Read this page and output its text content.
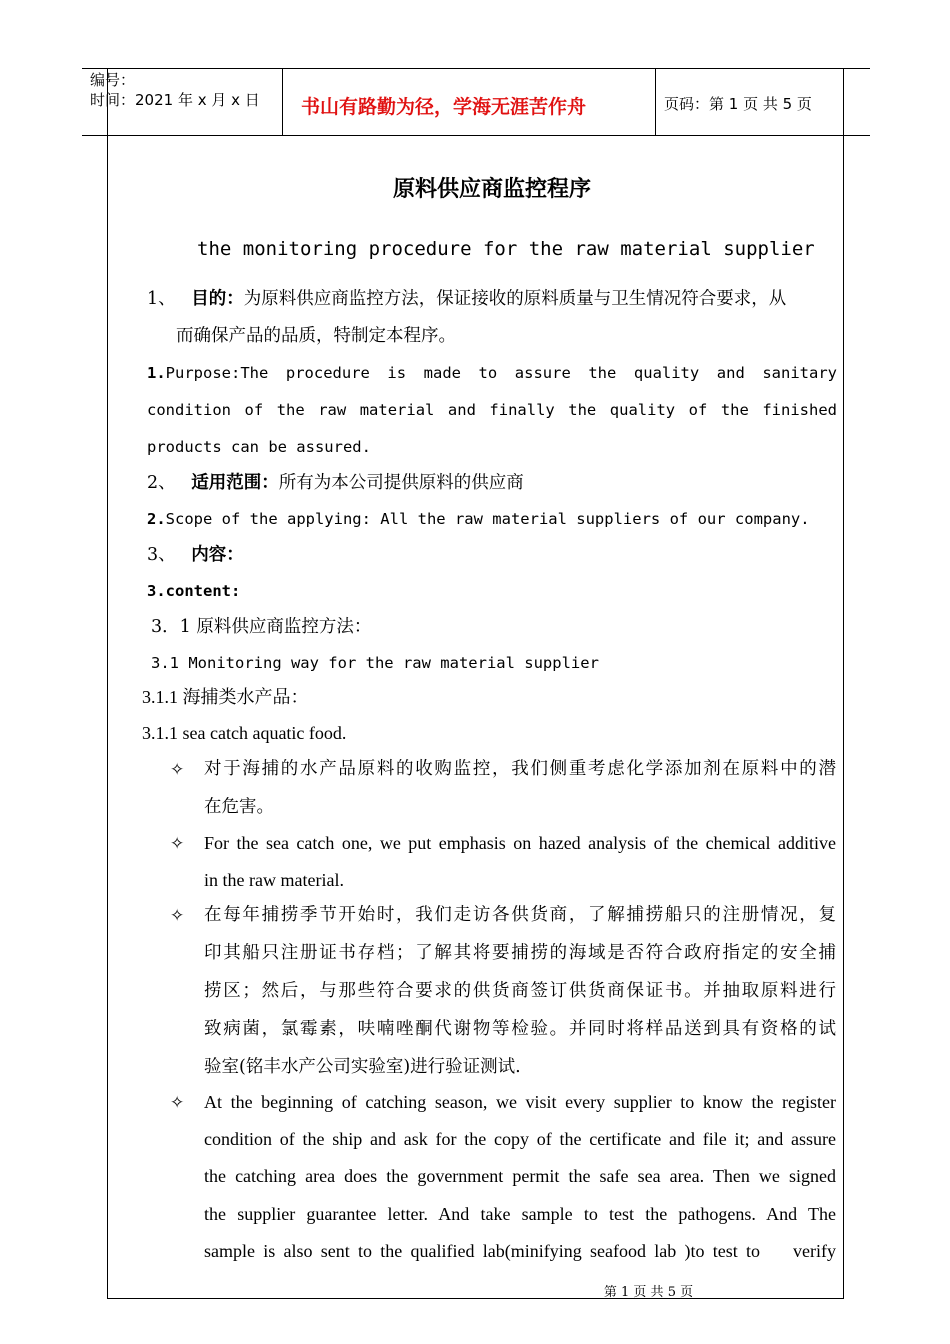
编号：
时间：2021 年 x 月 x 日 书山有路勤为径，学海无涯苦作舟	页码：第 1 页 共 5 页
原料供应商监控程序
the monitoring procedure for the raw material supplier
1、 目的：为原料供应商监控方法，保证接收的原料质量与卫生情况符合要求，从
而确保产品的品质，特制定本程序。
1.Purpose:The procedure is made to assure the quality and sanitary
condition of the raw material and finally the quality of the finished
products can be assured.
2、 适用范围：所有为本公司提供原料的供应商
2.Scope of the applying: All the raw material suppliers of our company.
3、 内容：
3.content:
3．1 原料供应商监控方法：
3.1 Monitoring way for the raw material supplier
3.1.1 海捕类水产品：
3.1.1 sea catch aquatic food.
✧ 对于海捕的水产品原料的收购监控，我们侧重考虑化学添加剂在原料中的潜
在危害。
✧ For the sea catch one, we put emphasis on hazed analysis of the chemical additive
in the raw material.
✧ 在每年捕捞季节开始时，我们走访各供货商，了解捕捞船只的注册情况，复
印其船只注册证书存档；了解其将要捕捞的海域是否符合政府指定的安全捕
捞区；然后，与那些符合要求的供货商签订供货商保证书。并抽取原料进行
致病菌，氯霉素，呋喃唑酮代谢物等检验。并同时将样品送到具有资格的试
验室(铭丰水产公司实验室)进行验证测试.
✧ At the beginning of catching season, we visit every supplier to know the register
condition of the ship and ask for the copy of the certificate and file it; and assure
the catching area does the government permit the safe sea area. Then we signed
the supplier guarantee letter. And take sample to test the pathogens. And The
sample is also sent to the qualified lab(minifying seafood lab )to test to    verify
第 1 页 共 5 页
